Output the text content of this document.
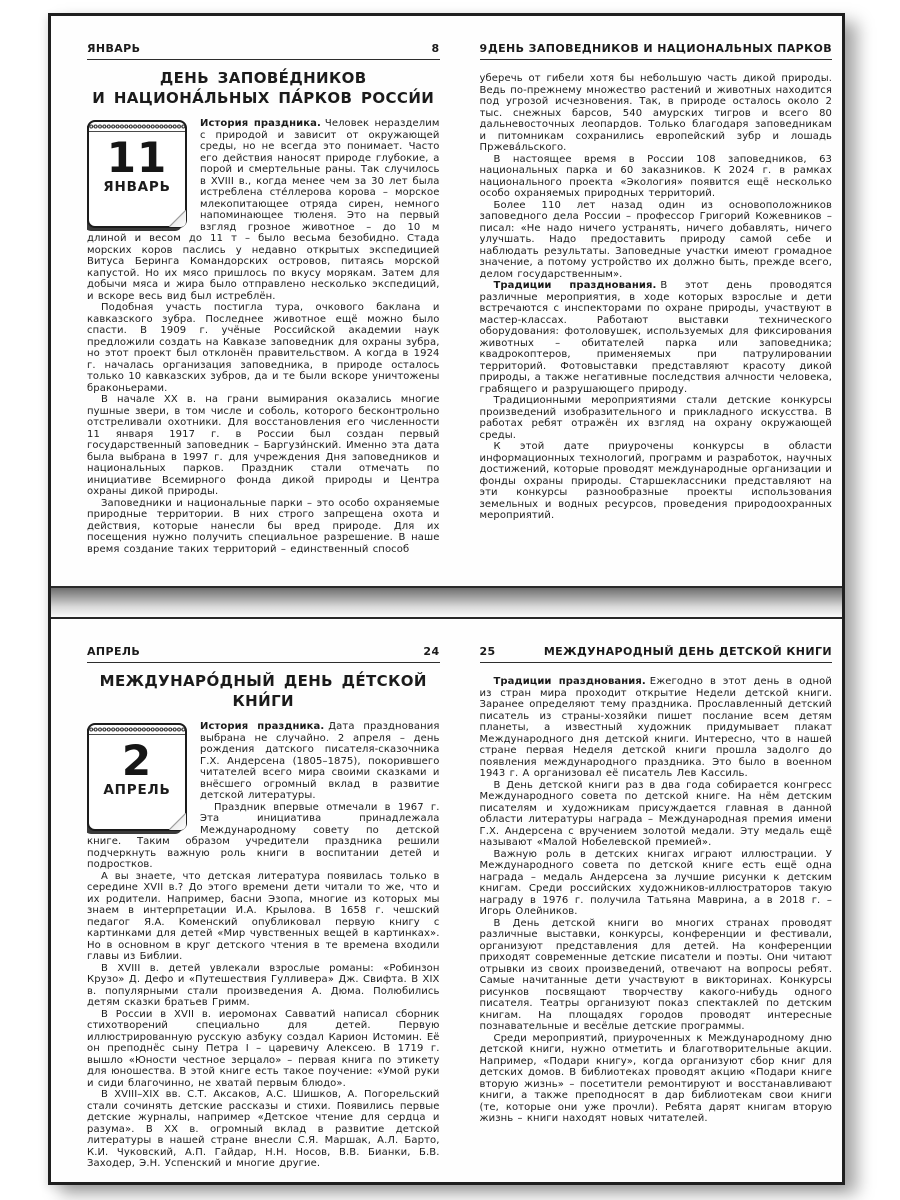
ЯНВАРЬ	8
ДЕНЬ ЗАПОВЕ́ДНИКОВ
И НАЦИОНА́ЛЬНЫХ ПА́РКОВ РОССИ́И
11
ЯНВАРЬ

История праздника. Человек неразделим с природой и зависит от окружающей среды, но не всегда это понимает. Часто его действия наносят природе глубокие, а порой и смертельные раны. Так случилось в XVIII в., когда менее чем за 30 лет была истреблена сте́ллерова корова – морское млекопитающее отряда сирен, немного напоминающее тюленя. Это на первый взгляд грозное животное – до 10 м длиной и весом до 11 т – было весьма безобидно. Стада морских коров паслись у недавно открытых экспедицией Витуса Беринга Командорских островов, питаясь морской капустой. Но их мясо пришлось по вкусу морякам. Затем для добычи мяса и жира было отправлено несколько экспедиций, и вскоре весь вид был истреблён.

Подобная участь постигла тура, очкового баклана и кавказского зубра. Последнее животное ещё можно было спасти. В 1909 г. учёные Российской академии наук предложили создать на Кавказе заповедник для охраны зубра, но этот проект был отклонён правительством. А когда в 1924 г. началась организация заповедника, в природе осталось только 10 кавказских зубров, да и те были вскоре уничтожены браконьерами.

В начале XX в. на грани вымирания оказались многие пушные звери, в том числе и соболь, которого бесконтрольно отстреливали охотники. Для восстановления его численности 11 января 1917 г. в России был создан первый государственный заповедник – Баргузи́нский. Именно эта дата была выбрана в 1997 г. для учреждения Дня заповедников и национальных парков. Праздник стали отмечать по инициативе Всемирного фонда дикой природы и Центра охраны дикой природы.

Заповедники и национальные парки – это особо охраняемые природные территории. В них строго запрещена охота и действия, которые нанесли бы вред природе. Для их посещения нужно получить специальное разрешение. В наше время создание таких территорий – единственный способ

9 ДЕНЬ ЗАПОВЕДНИКОВ И НАЦИОНАЛЬНЫХ ПАРКОВ

уберечь от гибели хотя бы небольшую часть дикой природы. Ведь по-прежнему множество растений и животных находится под угрозой исчезновения. Так, в природе осталось около 2 тыс. снежных барсов, 540 амурских тигров и всего 80 дальневосточных леопардов. Только благодаря заповедникам и питомникам сохранились европейский зубр и лошадь Пржева́льского.

В настоящее время в России 108 заповедников, 63 национальных парка и 60 заказников. К 2024 г. в рамках национального проекта «Экология» появится ещё несколько особо охраняемых природных территорий.

Более 110 лет назад один из основоположников заповедного дела России – профессор Григорий Кожевников – писал: «Не надо ничего устранять, ничего добавлять, ничего улучшать. Надо предоставить природу самой себе и наблюдать результаты. Заповедные участки имеют громадное значение, а потому устройство их должно быть, прежде всего, делом государственным».

Традиции празднования. В этот день проводятся различные мероприятия, в ходе которых взрослые и дети встречаются с инспекторами по охране природы, участвуют в мастер-классах. Работают выставки технического оборудования: фотоловушек, используемых для фиксирования животных – обитателей парка или заповедника; квадрокоптеров, применяемых при патрулировании территорий. Фотовыставки представляют красоту дикой природы, а также негативные последствия алчности человека, грабящего и разрушающего природу.

Традиционными мероприятиями стали детские конкурсы произведений изобразительного и прикладного искусства. В работах ребят отражён их взгляд на охрану окружающей среды.

К этой дате приурочены конкурсы в области информационных технологий, программ и разработок, научных достижений, которые проводят международные организации и фонды охраны природы. Старшеклассники представляют на эти конкурсы разнообразные проекты использования земельных и водных ресурсов, проведения природоохранных мероприятий.

АПРЕЛЬ	24
МЕЖДУНАРО́ДНЫЙ ДЕНЬ ДЕ́ТСКОЙ КНИ́ГИ
2
АПРЕЛЬ

История праздника. Дата празднования выбрана не случайно. 2 апреля – день рождения датского писателя-сказочника Г.Х. Андерсена (1805–1875), покорившего читателей всего мира своими сказками и внёсшего огромный вклад в развитие детской литературы.

Праздник впервые отмечали в 1967 г. Эта инициатива принадлежала Международному совету по детской книге. Таким образом учредители праздника решили подчеркнуть важную роль книги в воспитании детей и подростков.

А вы знаете, что детская литература появилась только в середине XVII в.? До этого времени дети читали то же, что и их родители. Например, басни Эзопа, многие из которых мы знаем в интерпретации И.А. Крылова. В 1658 г. чешский педагог Я.А. Коменский опубликовал первую книгу с картинками для детей «Мир чувственных вещей в картинках». Но в основном в круг детского чтения в те времена входили главы из Библии.

В XVIII в. детей увлекали взрослые романы: «Робинзон Крузо» Д. Дефо и «Путешествия Гулливера» Дж. Свифта. В XIX в. популярными стали произведения А. Дюма. Полюбились детям сказки братьев Гримм.

В России в XVII в. иеромонах Савватий написал сборник стихотворений специально для детей. Первую иллюстрированную русскую азбуку создал Карион Истомин. Её он преподнёс сыну Петра I – царевичу Алексею. В 1719 г. вышло «Юности честное зерцало» – первая книга по этикету для юношества. В этой книге есть такое поучение: «Умой руки и сиди благочинно, не хватай первым блюдо».

В XVIII–XIX вв. С.Т. Аксаков, А.С. Шишков, А. Погорельский стали сочинять детские рассказы и стихи. Появились первые детские журналы, например «Детское чтение для сердца и разума». В XX в. огромный вклад в развитие детской литературы в нашей стране внесли С.Я. Маршак, А.Л. Барто, К.И. Чуковский, А.П. Гайдар, Н.Н. Носов, В.В. Бианки, Б.В. Заходер, Э.Н. Успенский и многие другие.

25	МЕЖДУНАРОДНЫЙ ДЕНЬ ДЕТСКОЙ КНИГИ

Традиции празднования. Ежегодно в этот день в одной из стран мира проходит открытие Недели детской книги. Заранее определяют тему праздника. Прославленный детский писатель из страны-хозяйки пишет послание всем детям планеты, а известный художник придумывает плакат Международного дня детской книги. Интересно, что в нашей стране первая Неделя детской книги прошла задолго до появления международного праздника. Это было в военном 1943 г. А организовал её писатель Лев Кассиль.

В День детской книги раз в два года собирается конгресс Международного совета по детской книге. На нём детским писателям и художникам присуждается главная в данной области литературы награда – Международная премия имени Г.Х. Андерсена с вручением золотой медали. Эту медаль ещё называют «Малой Нобелевской премией».

Важную роль в детских книгах играют иллюстрации. У Международного совета по детской книге есть ещё одна награда – медаль Андерсена за лучшие рисунки к детским книгам. Среди российских художников-иллюстраторов такую награду в 1976 г. получила Татьяна Маврина, а в 2018 г. – Игорь Олейников.

В День детской книги во многих странах проводят различные выставки, конкурсы, конференции и фестивали, организуют представления для детей. На конференции приходят современные детские писатели и поэты. Они читают отрывки из своих произведений, отвечают на вопросы ребят. Самые начитанные дети участвуют в викторинах. Конкурсы рисунков посвящают творчеству какого-нибудь одного писателя. Театры организуют показ спектаклей по детским книгам. На площадях городов проводят интересные познавательные и весёлые детские программы.

Среди мероприятий, приуроченных к Международному дню детской книги, нужно отметить и благотворительные акции. Например, «Подари книгу», когда организуют сбор книг для детских домов. В библиотеках проводят акцию «Подари книге вторую жизнь» – посетители ремонтируют и восстанавливают книги, а также преподносят в дар библиотекам свои книги (те, которые они уже прочли). Ребята дарят книгам вторую жизнь – книги находят новых читателей.
